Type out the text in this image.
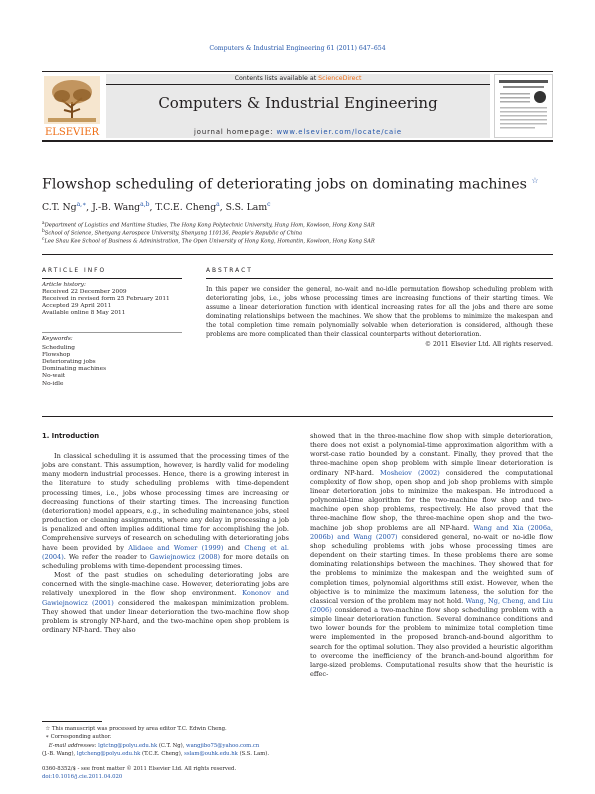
Computers & Industrial Engineering 61 (2011) 647–654
ELSEVIER
Contents lists available at ScienceDirect
Computers & Industrial Engineering
journal homepage: www.elsevier.com/locate/caie
Flowshop scheduling of deteriorating jobs on dominating machines ☆
C.T. $Ng^{a,∗}$, J.-B. Wang$^{a,b}$, T.C.E. Cheng$^a$, S.S. Lam$^c$
$^a$Department of Logistics and Maritime Studies, The Hong Kong Polytechnic University, Hung Hom, Kowloon, Hong Kong SAR
$^b$School of Science, Shenyang Aerospace University, Shenyang 110136, People's Republic of China
$^c$Lee Shau Kee School of Business & Administration, The Open University of Hong Kong, Homantin, Kowloon, Hong Kong SAR
ARTICLE INFO
Article history:
Received 22 December 2009
Received in revised form 25 February 2011
Accepted 29 April 2011
Available online 8 May 2011
Keywords:
Scheduling
Flowshop
Deteriorating jobs
Dominating machines
No-wait
No-idle
ABSTRACT
In this paper we consider the general, no-wait and no-idle permutation flowshop scheduling problem with deteriorating jobs, i.e., jobs whose processing times are increasing functions of their starting times. We assume a linear deterioration function with identical increasing rates for all the jobs and there are some dominating relationships between the machines. We show that the problems to minimize the makespan and the total completion time remain polynomially solvable when deterioration is considered, although these problems are more complicated than their classical counterparts without deterioration.
© 2011 Elsevier Ltd. All rights reserved.
1. Introduction

In classical scheduling it is assumed that the processing times of the jobs are constant. This assumption, however, is hardly valid for modeling many modern industrial processes. Hence, there is a growing interest in the literature to study scheduling problems with time-dependent processing times, i.e., jobs whose processing times are increasing or decreasing functions of their starting times. The increasing function (deterioration) model appears, e.g., in scheduling maintenance jobs, steel production or cleaning assignments, where any delay in processing a job is penalized and often implies additional time for accomplishing the job. Comprehensive surveys of research on scheduling with deteriorating jobs have been provided by Alidaee and Womer (1999) and Cheng et al. (2004). We refer the reader to Gawiejnowicz (2008) for more details on scheduling problems with time-dependent processing times.

Most of the past studies on scheduling deteriorating jobs are concerned with the single-machine case. However, deteriorating jobs are relatively unexplored in the flow shop environment. Kononov and Gawiejnowicz (2001) considered the makespan minimization problem. They showed that under linear deterioration the two-machine flow shop problem is strongly NP-hard, and the two-machine open shop problem is ordinary NP-hard. They also

showed that in the three-machine flow shop with simple deterioration, there does not exist a polynomial-time approximation algorithm with a worst-case ratio bounded by a constant. Finally, they proved that the three-machine open shop problem with simple linear deterioration is ordinary NP-hard. Mosheiov (2002) considered the computational complexity of flow shop, open shop and job shop problems with simple linear deterioration jobs to minimize the makespan. He introduced a polynomial-time algorithm for the two-machine flow shop and two-machine open shop problems, respectively. He also proved that the three-machine flow shop, the three-machine open shop and the two-machine job shop problems are all NP-hard. Wang and Xia (2006a, 2006b) and Wang (2007) considered general, no-wait or no-idle flow shop scheduling problems with jobs whose processing times are dependent on their starting times. In these problems there are some dominating relationships between the machines. They showed that for the problems to minimize the makespan and the weighted sum of completion times, polynomial algorithms still exist. However, when the objective is to minimize the maximum lateness, the solution for the classical version of the problem may not hold. Wang, Ng, Cheng, and Liu (2006) considered a two-machine flow shop scheduling problem with a simple linear deterioration function. Several dominance conditions and two lower bounds for the problem to minimize total completion time were implemented in the proposed branch-and-bound algorithm to search for the optimal solution. They also provided a heuristic algorithm to overcome the inefficiency of the branch-and-bound algorithm for large-sized problems. Computational results show that the heuristic is effec-

☆ This manuscript was processed by area editor T.C. Edwin Cheng.
∗ Corresponding author.
E-mail addresses: lgtctng@polyu.edu.hk (C.T. Ng), wangjibo75@yahoo.com.cn
(J.-B. Wang), lgtcheng@polyu.edu.hk (T.C.E. Cheng), sslam@ouhk.edu.hk (S.S. Lam).
0360-8352/$ - see front matter © 2011 Elsevier Ltd. All rights reserved.
doi:10.1016/j.cie.2011.04.020
